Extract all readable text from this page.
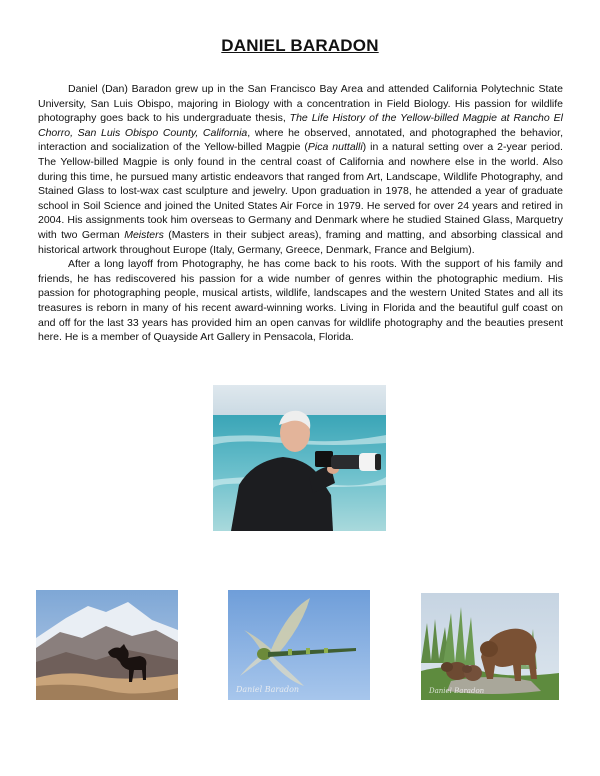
DANIEL BARADON

Daniel (Dan) Baradon grew up in the San Francisco Bay Area and attended California Polytechnic State University, San Luis Obispo, majoring in Biology with a concentration in Field Biology. His passion for wildlife photography goes back to his undergraduate thesis, The Life History of the Yellow-billed Magpie at Rancho El Chorro, San Luis Obispo County, California, where he observed, annotated, and photographed the behavior, interaction and socialization of the Yellow-billed Magpie (Pica nuttalli) in a natural setting over a 2-year period. The Yellow-billed Magpie is only found in the central coast of California and nowhere else in the world. Also during this time, he pursued many artistic endeavors that ranged from Art, Landscape, Wildlife Photography, and Stained Glass to lost-wax cast sculpture and jewelry. Upon graduation in 1978, he attended a year of graduate school in Soil Science and joined the United States Air Force in 1979. He served for over 24 years and retired in 2004. His assignments took him overseas to Germany and Denmark where he studied Stained Glass, Marquetry with two German Meisters (Masters in their subject areas), framing and matting, and absorbing classical and historical artwork throughout Europe (Italy, Germany, Greece, Denmark, France and Belgium).

After a long layoff from Photography, he has come back to his roots. With the support of his family and friends, he has rediscovered his passion for a wide number of genres within the photographic medium. His passion for photographing people, musical artists, wildlife, landscapes and the western United States and all its treasures is reborn in many of his recent award-winning works. Living in Florida and the beautiful gulf coast on and off for the last 33 years has provided him an open canvas for wildlife photography and the beauties present here. He is a member of Quayside Art Gallery in Pensacola, Florida.

Daniel Baradon	Daniel Baradon
